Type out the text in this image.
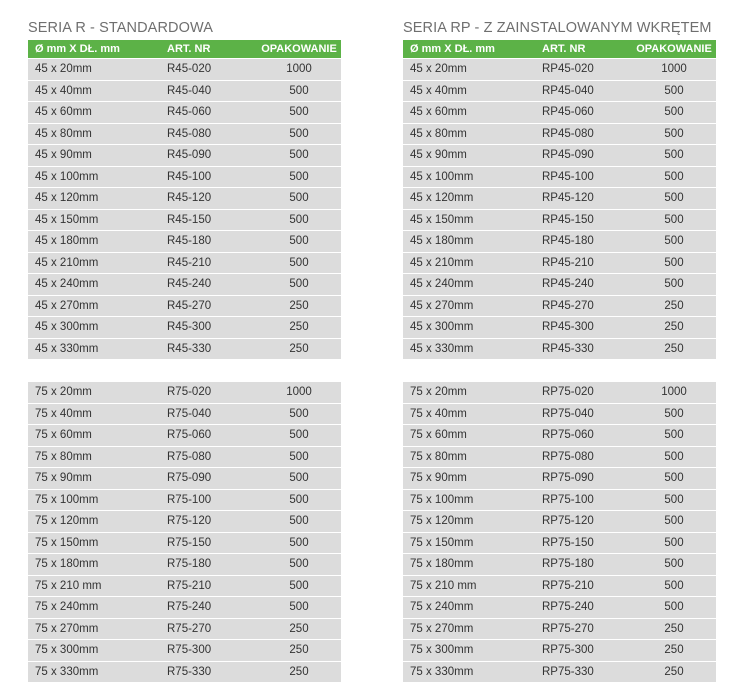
SERIA R - STANDARDOWA	SERIA RP - Z ZAINSTALOWANYM WKRĘTEM
Ø mm X DŁ. mm	ART. NR	OPAKOWANIE
45 x 20mm	R45-020	1000
45 x 40mm	R45-040	500
45 x 60mm	R45-060	500
45 x 80mm	R45-080	500
45 x 90mm	R45-090	500
45 x 100mm	R45-100	500
45 x 120mm	R45-120	500
45 x 150mm	R45-150	500
45 x 180mm	R45-180	500
45 x 210mm	R45-210	500
45 x 240mm	R45-240	500
45 x 270mm	R45-270	250
45 x 300mm	R45-300	250
45 x 330mm	R45-330	250
Ø mm X DŁ. mm	ART. NR	OPAKOWANIE
45 x 20mm	RP45-020	1000
45 x 40mm	RP45-040	500
45 x 60mm	RP45-060	500
45 x 80mm	RP45-080	500
45 x 90mm	RP45-090	500
45 x 100mm	RP45-100	500
45 x 120mm	RP45-120	500
45 x 150mm	RP45-150	500
45 x 180mm	RP45-180	500
45 x 210mm	RP45-210	500
45 x 240mm	RP45-240	500
45 x 270mm	RP45-270	250
45 x 300mm	RP45-300	250
45 x 330mm	RP45-330	250
75 x 20mm	R75-020	1000
75 x 40mm	R75-040	500
75 x 60mm	R75-060	500
75 x 80mm	R75-080	500
75 x 90mm	R75-090	500
75 x 100mm	R75-100	500
75 x 120mm	R75-120	500
75 x 150mm	R75-150	500
75 x 180mm	R75-180	500
75 x 210 mm	R75-210	500
75 x 240mm	R75-240	500
75 x 270mm	R75-270	250
75 x 300mm	R75-300	250
75 x 330mm	R75-330	250
75 x 20mm	RP75-020	1000
75 x 40mm	RP75-040	500
75 x 60mm	RP75-060	500
75 x 80mm	RP75-080	500
75 x 90mm	RP75-090	500
75 x 100mm	RP75-100	500
75 x 120mm	RP75-120	500
75 x 150mm	RP75-150	500
75 x 180mm	RP75-180	500
75 x 210 mm	RP75-210	500
75 x 240mm	RP75-240	500
75 x 270mm	RP75-270	250
75 x 300mm	RP75-300	250
75 x 330mm	RP75-330	250
